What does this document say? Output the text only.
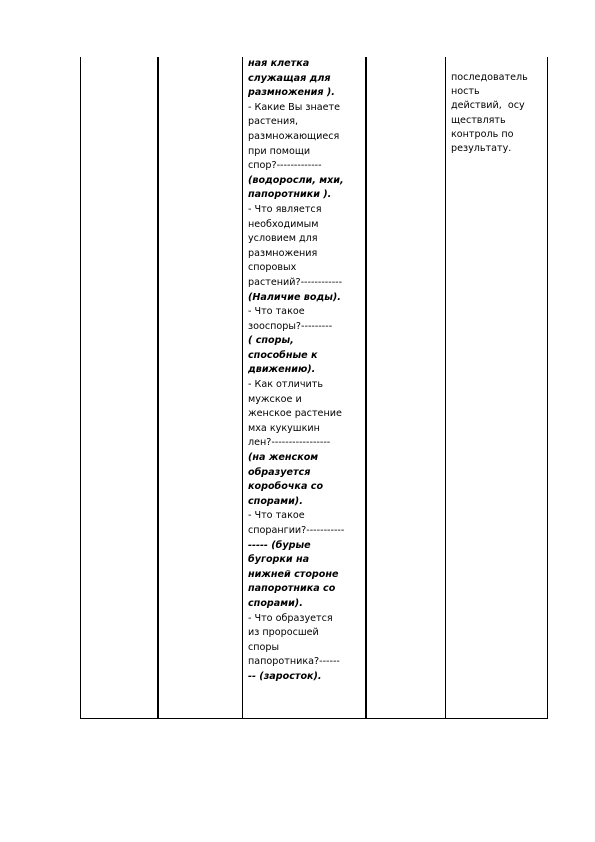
ная клетка
служащая для
размножения ).
- Какие Вы знаете
растения,
размножающиеся
при помощи
спор?-------------
(водоросли, мхи,
папоротники ).
- Что является
необходимым
условием для
размножения
споровых
растений?------------
(Наличие воды).
- Что такое
зооспоры?---------
( споры,
способные к
движению).
- Как отличить
мужское и
женское растение
мха кукушкин
лен?-----------------
(на женском
образуется
коробочка со
спорами).
- Что такое
спорангии?-----------
----- (бурые
бугорки на
нижней стороне
папоротника со
спорами).
- Что образуется
из проросшей
споры
папоротника?------
-- (заросток).
последователь
ность
действий,  осу
ществлять
контроль по
результату.
